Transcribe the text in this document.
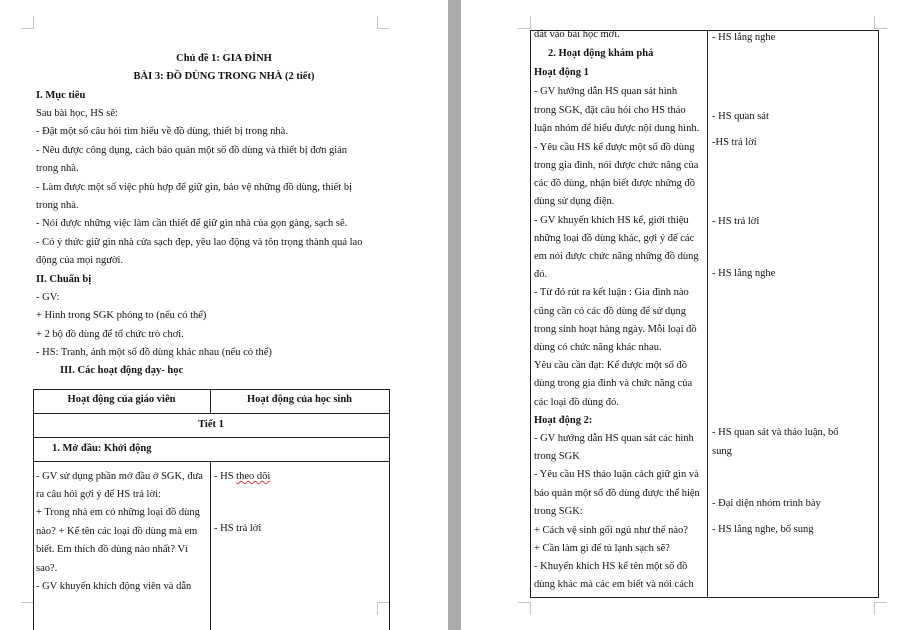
Chủ đề 1: GIA ĐÌNH
BÀI 3: ĐỒ DÙNG TRONG NHÀ (2 tiết)
I. Mục tiêu
Sau bài học, HS sẽ:
- Đặt một số câu hỏi tìm hiểu về đồ dùng, thiết bị trong nhà.
- Nêu được công dụng, cách bảo quản một số đồ dùng và thiết bị đơn giản
trong nhà.
- Làm được một số việc phù hợp để giữ gìn, bảo vệ những đồ dùng, thiết bị
trong nhà.
- Nói được những việc làm cần thiết để giữ gìn nhà của gọn gàng, sạch sẽ.
- Có ý thức giữ gìn nhà cửa sạch đẹp, yêu lao động và tôn trọng thành quả lao
động của mọi người.
II. Chuẩn bị
- GV:
+ Hình trong SGK phóng to (nếu có thể)
+ 2 bộ đồ dùng để tổ chức trò chơi.
- HS: Tranh, ảnh một số đồ dùng khác nhau (nếu có thể)
III. Các hoạt động dạy- học
Hoạt động của giáo viên	Hoạt động của học sinh
Tiết 1
1. Mở đầu: Khởi động
- GV sử dụng phần mở đầu ở SGK, đưa
ra câu hỏi gợi ý để HS trả lời:
+ Trong nhà em có những loại đồ dùng
nào? + Kể tên các loại đồ dùng mà em
biết. Em thích đồ dùng nào nhất? Vì
sao?.
- GV khuyến khích động viên và dẫn
- HS theo dõi
- HS trả lời
dắt vào bài học mới.
2. Hoạt động khám phá
Hoạt động 1
- GV hướng dẫn HS quan sát hình
trong SGK, đặt câu hỏi cho HS thảo
luận nhóm để hiểu được nội dung hình.
- Yêu cầu HS kể được một số đồ dùng
trong gia đình, nói được chức năng của
các đồ dùng, nhận biết được những đồ
dùng sử dụng điện.
- GV khuyến khích HS kể, giới thiệu
những loại đồ dùng khác, gợi ý để các
em nói được chức năng những đồ dùng
đó.
- Từ đó rút ra kết luận : Gia đình nào
cũng cần có các đồ dùng để sử dụng
trong sinh hoạt hàng ngày. Mỗi loại đồ
dùng có chức năng khác nhau.
Yêu cầu cần đạt: Kể được một số đồ
dùng trong gia đình và chức năng của
các loại đồ dùng đó.
Hoạt động 2:
- GV hướng dẫn HS quan sát các hình
trong SGK
- Yêu cầu HS thảo luận cách giữ gìn và
bảo quản một số đồ dùng được thể hiện
trong SGK:
+ Cách vệ sinh gối ngủ như thế nào?
+ Cần làm gì để tủ lạnh sạch sẽ?
- Khuyến khích HS kể tên một số đồ
dùng khác mà các em biết và nói cách
- HS lắng nghe
- HS quan sát
-HS trả lời
- HS trả lời
- HS lắng nghe
- HS quan sát và thảo luận, bổ
sung
- Đại diện nhóm trình bày
- HS lắng nghe, bổ sung
